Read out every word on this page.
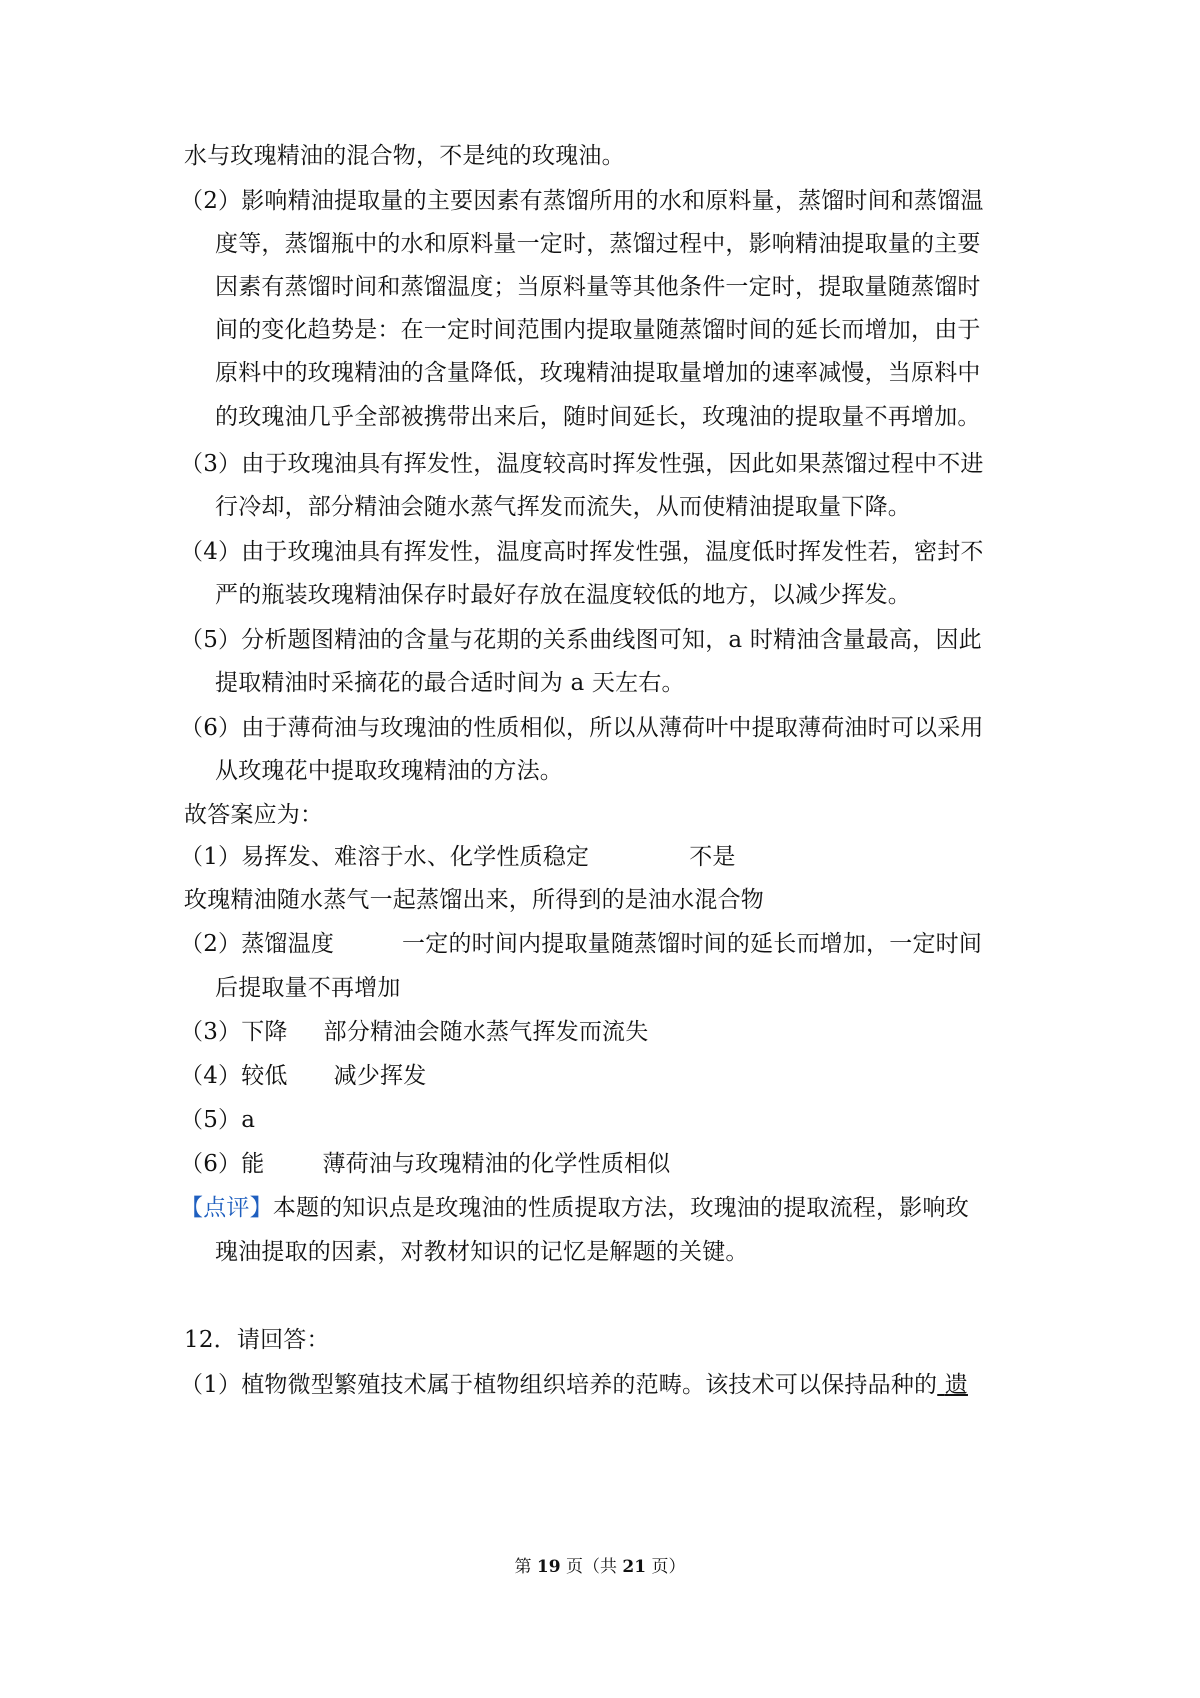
水与玫瑰精油的混合物，不是纯的玫瑰油。
（2）影响精油提取量的主要因素有蒸馏所用的水和原料量，蒸馏时间和蒸馏温
度等，蒸馏瓶中的水和原料量一定时，蒸馏过程中，影响精油提取量的主要
因素有蒸馏时间和蒸馏温度；当原料量等其他条件一定时，提取量随蒸馏时
间的变化趋势是：在一定时间范围内提取量随蒸馏时间的延长而增加，由于
原料中的玫瑰精油的含量降低，玫瑰精油提取量增加的速率减慢，当原料中
的玫瑰油几乎全部被携带出来后，随时间延长，玫瑰油的提取量不再增加。
（3）由于玫瑰油具有挥发性，温度较高时挥发性强，因此如果蒸馏过程中不进
行冷却，部分精油会随水蒸气挥发而流失，从而使精油提取量下降。
（4）由于玫瑰油具有挥发性，温度高时挥发性强，温度低时挥发性若，密封不
严的瓶装玫瑰精油保存时最好存放在温度较低的地方，以减少挥发。
（5）分析题图精油的含量与花期的关系曲线图可知，a 时精油含量最高，因此
提取精油时采摘花的最合适时间为 a 天左右。
（6）由于薄荷油与玫瑰油的性质相似，所以从薄荷叶中提取薄荷油时可以采用
从玫瑰花中提取玫瑰精油的方法。
故答案应为：
（1）易挥发、难溶于水、化学性质稳定	不是
玫瑰精油随水蒸气一起蒸馏出来，所得到的是油水混合物
（2）蒸馏温度	一定的时间内提取量随蒸馏时间的延长而增加，一定时间
后提取量不再增加
（3）下降 部分精油会随水蒸气挥发而流失
（4）较低 减少挥发
（5）a
（6）能	薄荷油与玫瑰精油的化学性质相似
【点评】本题的知识点是玫瑰油的性质提取方法，玫瑰油的提取流程，影响玫
瑰油提取的因素，对教材知识的记忆是解题的关键。
12．请回答：
（1）植物微型繁殖技术属于植物组织培养的范畴。该技术可以保持品种的 遗
第 19 页（共 21 页）
